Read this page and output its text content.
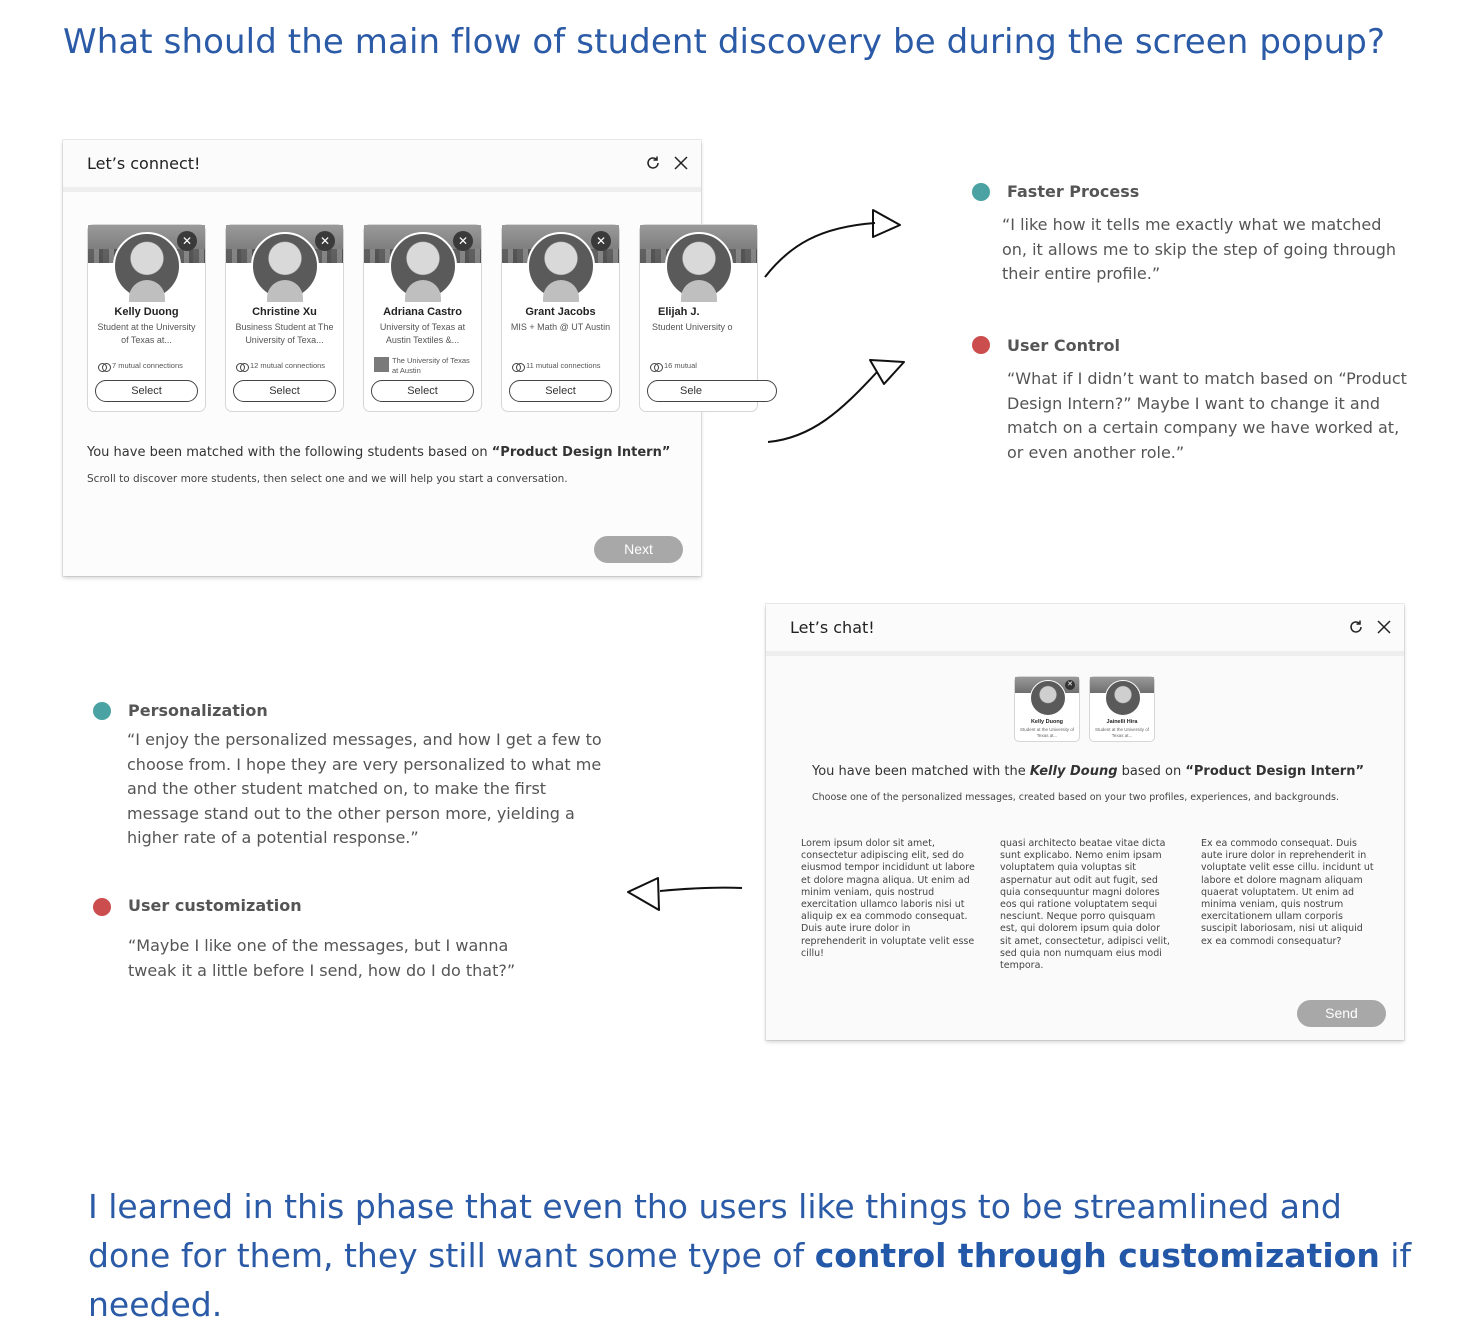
What should the main flow of student discovery be during the screen popup?
Let’s connect!
✕
Kelly Duong
Student at the University of Texas at...
7 mutual connections
Select
✕
Christine Xu
Business Student at The University of Texa...
12 mutual connections
Select
✕
Adriana Castro
University of Texas at Austin Textiles &...
The University of Texas at Austin
Select
✕
Grant Jacobs
MIS + Math @ UT Austin
11 mutual connections
Select
Elijah J.
Student University o
16 mutual
Sele
You have been matched with the following students based on “Product Design Intern”
Scroll to discover more students, then select one and we will help you start a conversation.
Next
Faster Process
“I like how it tells me exactly what we matched on, it allows me to skip the step of going through their entire profile.”
User Control
“What if I didn’t want to match based on “Product Design Intern?” Maybe I want to change it and match on a certain company we have worked at, or even another role.”
Let’s chat!
✕
Kelly Duong
Student at the University of Texas at...
Jainelli Hira
Student at the University of Texas at...
You have been matched with the Kelly Doung based on “Product Design Intern”
Choose one of the personalized messages, created based on your two profiles, experiences, and backgrounds.
Lorem ipsum dolor sit amet, consectetur adipiscing elit, sed do eiusmod tempor incididunt ut labore et dolore magna aliqua. Ut enim ad minim veniam, quis nostrud exercitation ullamco laboris nisi ut aliquip ex ea commodo consequat. Duis aute irure dolor in reprehenderit in voluptate velit esse cillu!
quasi architecto beatae vitae dicta sunt explicabo. Nemo enim ipsam voluptatem quia voluptas sit aspernatur aut odit aut fugit, sed quia consequuntur magni dolores eos qui ratione voluptatem sequi nesciunt. Neque porro quisquam est, qui dolorem ipsum quia dolor sit amet, consectetur, adipisci velit, sed quia non numquam eius modi tempora.
Ex ea commodo consequat. Duis aute irure dolor in reprehenderit in voluptate velit esse cillu. incidunt ut labore et dolore magnam aliquam quaerat voluptatem. Ut enim ad minima veniam, quis nostrum exercitationem ullam corporis suscipit laboriosam, nisi ut aliquid ex ea commodi consequatur?
Send
Personalization
“I enjoy the personalized messages, and how I get a few to choose from. I hope they are very personalized to what me and the other student matched on, to make the first message stand out to the other person more, yielding a higher rate of a potential response.”
User customization
“Maybe I like one of the messages, but I wanna tweak it a little before I send, how do I do that?”
I learned in this phase that even tho users like things to be streamlined and done for them, they still want some type of control through customization if needed.
